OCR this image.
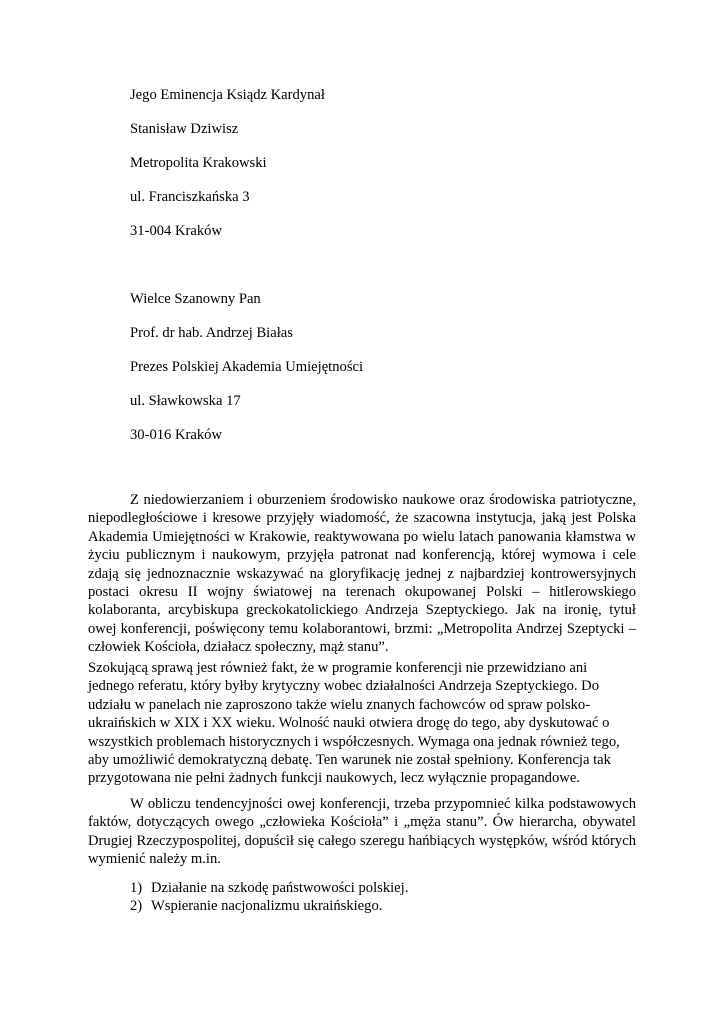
Jego Eminencja Ksiądz Kardynał

Stanisław Dziwisz

Metropolita Krakowski

ul. Franciszkańska 3

31-004 Kraków

Wielce Szanowny Pan

Prof. dr hab. Andrzej Białas

Prezes Polskiej Akademia Umiejętności

ul. Sławkowska 17

30-016 Kraków

Z niedowierzaniem i oburzeniem środowisko naukowe oraz środowiska patriotyczne, niepodległościowe i kresowe przyjęły wiadomość, że szacowna instytucja, jaką jest Polska Akademia Umiejętności w Krakowie, reaktywowana po wielu latach panowania kłamstwa w życiu publicznym i naukowym, przyjęła patronat nad konferencją, której wymowa i cele zdają się jednoznacznie wskazywać na gloryfikację jednej z najbardziej kontrowersyjnych postaci okresu II wojny światowej na terenach okupowanej Polski – hitlerowskiego kolaboranta, arcybiskupa greckokatolickiego Andrzeja Szeptyckiego. Jak na ironię, tytuł owej konferencji, poświęcony temu kolaborantowi, brzmi: „Metropolita Andrzej Szeptycki – człowiek Kościoła, działacz społeczny, mąż stanu”.

Szokującą sprawą jest również fakt, że w programie konferencji nie przewidziano ani jednego referatu, który byłby krytyczny wobec działalności Andrzeja Szeptyckiego. Do udziału w panelach nie zaproszono także wielu znanych fachowców od spraw polsko-ukraińskich w XIX i XX wieku. Wolność nauki otwiera drogę do tego, aby dyskutować o wszystkich problemach historycznych i współczesnych. Wymaga ona jednak również tego, aby umożliwić demokratyczną debatę. Ten warunek nie został spełniony. Konferencja tak przygotowana nie pełni żadnych funkcji naukowych, lecz wyłącznie propagandowe.

W obliczu tendencyjności owej konferencji, trzeba przypomnieć kilka podstawowych faktów, dotyczących owego „człowieka Kościoła” i „męża stanu”. Ów hierarcha, obywatel Drugiej Rzeczypospolitej, dopuścił się całego szeregu hańbiących występków, wśród których wymienić należy m.in.

1) Działanie na szkodę państwowości polskiej.
2) Wspieranie nacjonalizmu ukraińskiego.
